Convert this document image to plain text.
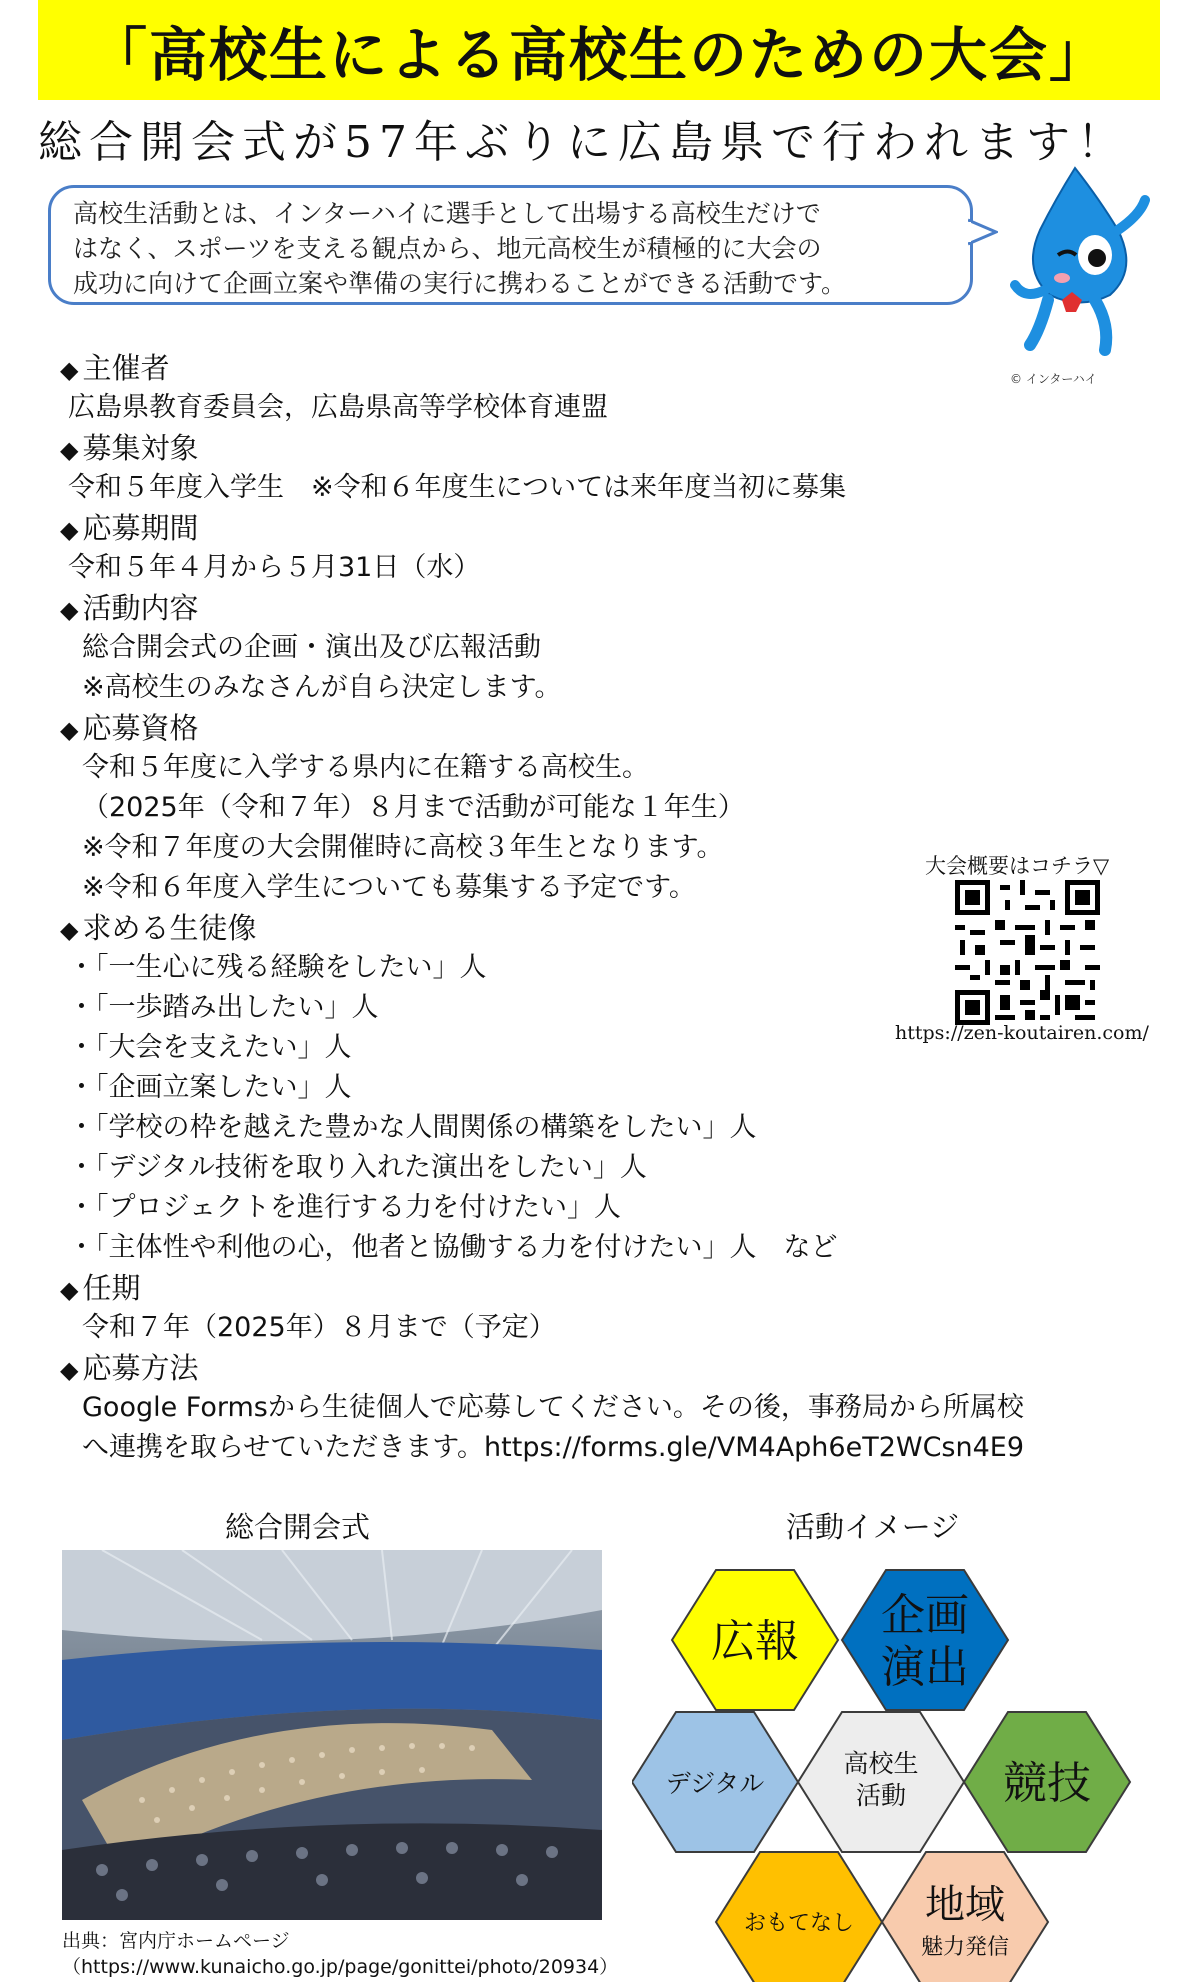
「高校生による高校生のための大会」
総合開会式が57年ぶりに広島県で行われます！
高校生活動とは、インターハイに選手として出場する高校生だけで
はなく、スポーツを支える観点から、地元高校生が積極的に大会の
成功に向けて企画立案や準備の実行に携わることができる活動です。
© インターハイ
◆ 主催者
広島県教育委員会，広島県高等学校体育連盟
◆ 募集対象
令和５年度入学生　※令和６年度生については来年度当初に募集
◆ 応募期間
令和５年４月から５月31日（水）
◆ 活動内容
総合開会式の企画・演出及び広報活動
※高校生のみなさんが自ら決定します。
◆ 応募資格
令和５年度に入学する県内に在籍する高校生。
（2025年（令和７年）８月まで活動が可能な１年生）
※令和７年度の大会開催時に高校３年生となります。
※令和６年度入学生についても募集する予定です。
◆ 求める生徒像
・「一生心に残る経験をしたい」人
・「一歩踏み出したい」人
・「大会を支えたい」人
・「企画立案したい」人
・「学校の枠を越えた豊かな人間関係の構築をしたい」人
・「デジタル技術を取り入れた演出をしたい」人
・「プロジェクトを進行する力を付けたい」人
・「主体性や利他の心，他者と協働する力を付けたい」人　など
◆ 任期
令和７年（2025年）８月まで（予定）
◆ 応募方法
Google Formsから生徒個人で応募してください。その後，事務局から所属校
へ連携を取らせていただきます。https://forms.gle/VM4Aph6eT2WCsn4E9
大会概要はコチラ▽
https://zen-koutairen.com/
総合開会式
出典：宮内庁ホームページ
（https://www.kunaicho.go.jp/page/gonittei/photo/20934）
活動イメージ
広報
企画
演出
デジタル
高校生
活動 競技
おもてなし 地域
魅力発信
